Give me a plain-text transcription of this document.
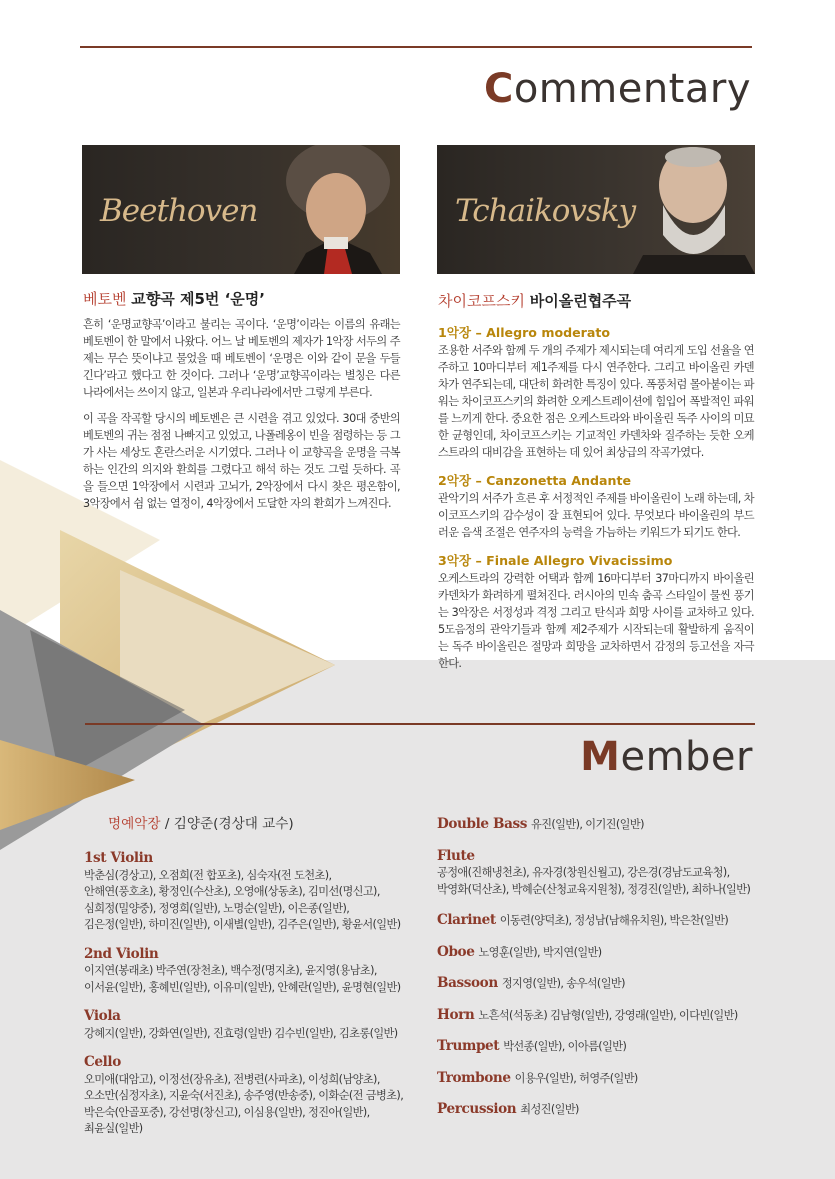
Commentary
Beethoven	Tchaikovsky
베토벤 교향곡 제5번 ‘운명’

흔히 ‘운명교향곡’이라고 불리는 곡이다. ‘운명’이라는 이름의 유래는 베토벤이 한 말에서 나왔다. 어느 날 베토벤의 제자가 1악장 서두의 주제는 무슨 뜻이냐고 물었을 때 베토벤이 ‘운명은 이와 같이 문을 두들긴다’라고 했다고 한 것이다. 그러나 ‘운명’교향곡이라는 별칭은 다른 나라에서는 쓰이지 않고, 일본과 우리나라에서만 그렇게 부른다.

이 곡을 작곡할 당시의 베토벤은 큰 시련을 겪고 있었다. 30대 중반의 베토벤의 귀는 점점 나빠지고 있었고, 나폴레옹이 빈을 점령하는 등 그가 사는 세상도 혼란스러운 시기였다. 그러나 이 교향곡을 운명을 극복하는 인간의 의지와 환희를 그렸다고 해석 하는 것도 그럴 듯하다. 곡을 들으면 1악장에서 시련과 고뇌가, 2악장에서 다시 찾은 평온함이, 3악장에서 쉼 없는 열정이, 4악장에서 도달한 자의 환희가 느껴진다.

차이코프스키 바이올린협주곡
1악장 – Allegro moderato

조용한 서주와 함께 두 개의 주제가 제시되는데 여리게 도입 선율을 연주하고 10마디부터 제1주제를 다시 연주한다. 그리고 바이올린 카덴차가 연주되는데, 대단히 화려한 특징이 있다. 폭풍처럼 몰아붙이는 파워는 차이코프스키의 화려한 오케스트레이션에 힘입어 폭발적인 파워를 느끼게 한다. 중요한 점은 오케스트라와 바이올린 독주 사이의 미묘한 균형인데, 차이코프스키는 기교적인 카덴차와 질주하는 듯한 오케스트라의 대비감을 표현하는 데 있어 최상급의 작곡가였다.

2악장 – Canzonetta Andante

관악기의 서주가 흐른 후 서정적인 주제를 바이올린이 노래 하는데, 차이코프스키의 감수성이 잘 표현되어 있다. 무엇보다 바이올린의 부드러운 음색 조절은 연주자의 능력을 가늠하는 키워드가 되기도 한다.

3악장 – Finale Allegro Vivacissimo

오케스트라의 강력한 어택과 함께 16마디부터 37마디까지 바이올린 카덴차가 화려하게 펼쳐진다. 러시아의 민속 춤곡 스타일이 물씬 풍기는 3악장은 서정성과 격정 그리고 탄식과 희망 사이를 교차하고 있다. 5도음정의 관악기들과 함께 제2주제가 시작되는데 활발하게 움직이는 독주 바이올린은 절망과 희망을 교차하면서 감정의 등고선을 자극한다.

Member
명예악장 / 김양준(경상대 교수)
1st Violin
박춘심(경상고), 오점희(전 합포초), 심숙자(전 도천초),
안해연(풍호초), 황정인(수산초), 오영애(상동초), 김미선(명신고),
심희정(밀양중), 정영희(일반), 노명순(일반), 이은종(일반),
김은정(일반), 하미진(일반), 이새별(일반), 김주은(일반), 황윤서(일반)
2nd Violin
이지연(봉래초) 박주연(장천초), 백수정(명지초), 윤지영(용남초),
이서윤(일반), 홍혜빈(일반), 이유미(일반), 안혜란(일반), 윤명현(일반)
Viola
강혜지(일반), 강화연(일반), 진효령(일반) 김수빈(일반), 김초롱(일반)
Cello
오미애(대암고), 이정선(장유초), 전병련(사파초), 이성희(남양초),
오소만(심정자초), 지윤숙(서진초), 송주영(반송중), 이화순(전 금병초),
박은숙(안골포중), 강선명(창신고), 이심용(일반), 정진아(일반),
최윤실(일반)
Double Bass 유진(일반), 이기진(일반)
Flute
공정애(진해냉천초), 유자경(창원신월고), 강은경(경남도교육청),
박영화(덕산초), 박혜순(산청교육지원청), 정경진(일반), 최하나(일반)
Clarinet 이동련(양덕초), 정성남(남해유치원), 박은찬(일반)
Oboe 노영훈(일반), 박지연(일반)
Bassoon 정지영(일반), 송우석(일반)
Horn 노흔석(석동초) 김남형(일반), 강영래(일반), 이다빈(일반)
Trumpet 박선종(일반), 이아름(일반)
Trombone 이용우(일반), 허영주(일반)
Percussion 최성진(일반)
